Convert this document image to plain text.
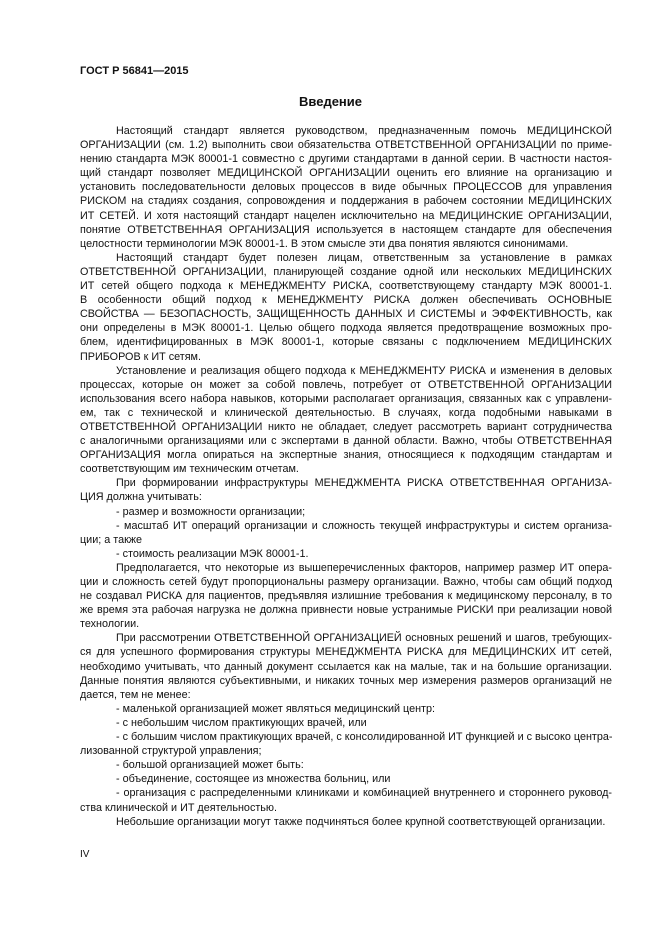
ГОСТ Р 56841—2015
Введение
Настоящий стандарт является руководством, предназначенным помочь МЕДИЦИНСКОЙ
ОРГАНИЗАЦИИ (см. 1.2) выполнить свои обязательства ОТВЕТСТВЕННОЙ ОРГАНИЗАЦИИ по приме-
нению стандарта МЭК 80001-1 совместно с другими стандартами в данной серии. В частности настоя-
щий стандарт позволяет МЕДИЦИНСКОЙ ОРГАНИЗАЦИИ оценить его влияние на организацию и
установить последовательности деловых процессов в виде обычных ПРОЦЕССОВ для управления
РИСКОМ на стадиях создания, сопровождения и поддержания в рабочем состоянии МЕДИЦИНСКИХ
ИТ СЕТЕЙ. И хотя настоящий стандарт нацелен исключительно на МЕДИЦИНСКИЕ ОРГАНИЗАЦИИ,
понятие ОТВЕТСТВЕННАЯ ОРГАНИЗАЦИЯ используется в настоящем стандарте для обеспечения
целостности терминологии МЭК 80001-1. В этом смысле эти два понятия являются синонимами.
Настоящий стандарт будет полезен лицам, ответственным за установление в рамках
ОТВЕТСТВЕННОЙ ОРГАНИЗАЦИИ, планирующей создание одной или нескольких МЕДИЦИНСКИХ
ИТ сетей общего подхода к МЕНЕДЖМЕНТУ РИСКА, соответствующему стандарту МЭК 80001-1.
В особенности общий подход к МЕНЕДЖМЕНТУ РИСКА должен обеспечивать ОСНОВНЫЕ
СВОЙСТВА — БЕЗОПАСНОСТЬ, ЗАЩИЩЕННОСТЬ ДАННЫХ И СИСТЕМЫ и ЭФФЕКТИВНОСТЬ, как
они определены в МЭК 80001-1. Целью общего подхода является предотвращение возможных про-
блем, идентифицированных в МЭК 80001-1, которые связаны с подключением МЕДИЦИНСКИХ
ПРИБОРОВ к ИТ сетям.
Установление и реализация общего подхода к МЕНЕДЖМЕНТУ РИСКА и изменения в деловых
процессах, которые он может за собой повлечь, потребует от ОТВЕТСТВЕННОЙ ОРГАНИЗАЦИИ
использования всего набора навыков, которыми располагает организация, связанных как с управлени-
ем, так с технической и клинической деятельностью. В случаях, когда подобными навыками в
ОТВЕТСТВЕННОЙ ОРГАНИЗАЦИИ никто не обладает, следует рассмотреть вариант сотрудничества
с аналогичными организациями или с экспертами в данной области. Важно, чтобы ОТВЕТСТВЕННАЯ
ОРГАНИЗАЦИЯ могла опираться на экспертные знания, относящиеся к подходящим стандартам и
соответствующим им техническим отчетам.
При формировании инфраструктуры МЕНЕДЖМЕНТА РИСКА ОТВЕТСТВЕННАЯ ОРГАНИЗА-
ЦИЯ должна учитывать:
- размер и возможности организации;
- масштаб ИТ операций организации и сложность текущей инфраструктуры и систем организа-
ции; а также
- стоимость реализации МЭК 80001-1.
Предполагается, что некоторые из вышеперечисленных факторов, например размер ИТ опера-
ции и сложность сетей будут пропорциональны размеру организации. Важно, чтобы сам общий подход
не создавал РИСКА для пациентов, предъявляя излишние требования к медицинскому персоналу, в то
же время эта рабочая нагрузка не должна привнести новые устранимые РИСКИ при реализации новой
технологии.
При рассмотрении ОТВЕТСТВЕННОЙ ОРГАНИЗАЦИЕЙ основных решений и шагов, требующих-
ся для успешного формирования структуры МЕНЕДЖМЕНТА РИСКА для МЕДИЦИНСКИХ ИТ сетей,
необходимо учитывать, что данный документ ссылается как на малые, так и на большие организации.
Данные понятия являются субъективными, и никаких точных мер измерения размеров организаций не
дается, тем не менее:
- маленькой организацией может являться медицинский центр:
- с небольшим числом практикующих врачей, или
- с большим числом практикующих врачей, с консолидированной ИТ функцией и с высоко центра-
лизованной структурой управления;
- большой организацией может быть:
- объединение, состоящее из множества больниц, или
- организация с распределенными клиниками и комбинацией внутреннего и стороннего руковод-
ства клинической и ИТ деятельностью.
Небольшие организации могут также подчиняться более крупной соответствующей организации.
IV
